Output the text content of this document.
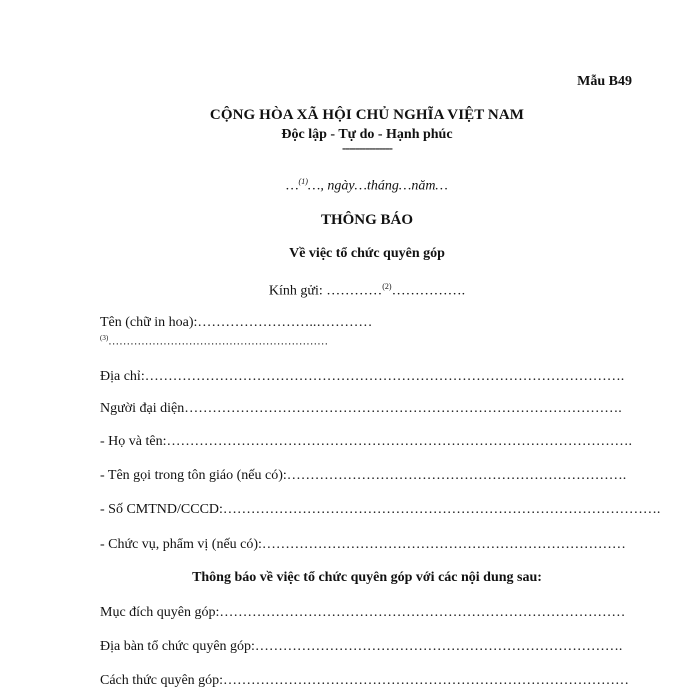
Mẫu B49
CỘNG HÒA XÃ HỘI CHỦ NGHĨA VIỆT NAM
Độc lập - Tự do - Hạnh phúc
---------------
…$^{(1)}$…, ngày…tháng…năm…
THÔNG BÁO
Về việc tổ chức quyên góp
Kính gửi: …………$^{(2)}$…………….
Tên (chữ in hoa):……………………..…………
$^{(3)}$……………………………………………………
Địa chỉ:………………………………………………………………………………………….
Người đại diện………………………………………………………………………………….
- Họ và tên:……………………………………………………………………………………….
- Tên gọi trong tôn giáo (nếu có):……………………………………………………………….
- Số CMTND/CCCD:………………………………………………………………………………….
- Chức vụ, phẩm vị (nếu có):……………………………………………………………………
Thông báo về việc tổ chức quyên góp với các nội dung sau:
Mục đích quyên góp:……………………………………………………………………………
Địa bàn tổ chức quyên góp:…………………………………………………………………….
Cách thức quyên góp:……………………………………………………………………………
